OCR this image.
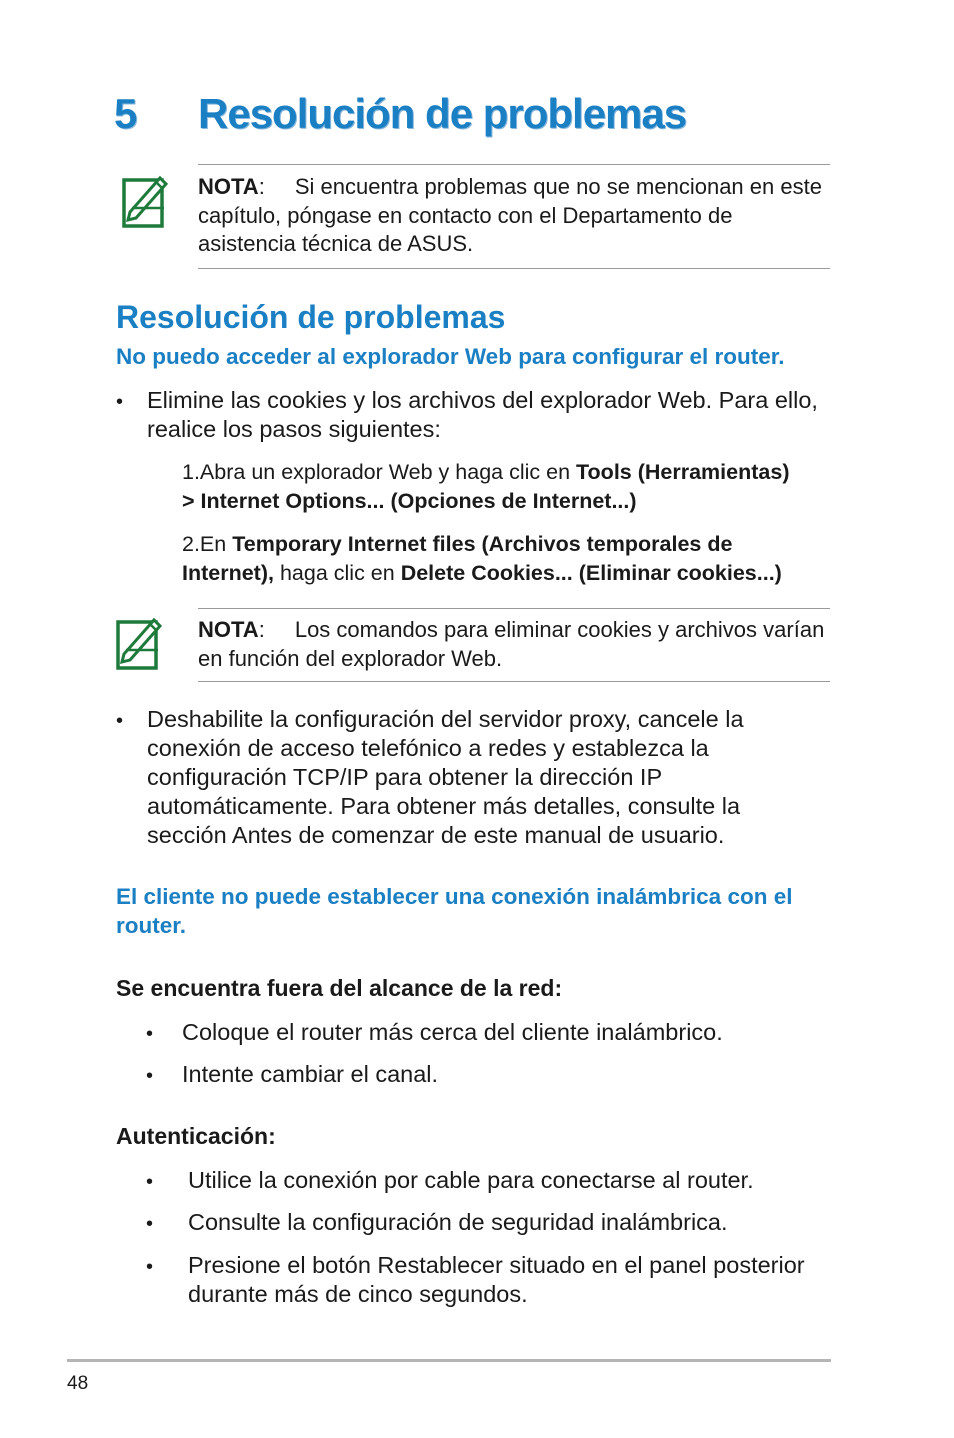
5 Resolución de problemas
NOTA: Si encuentra problemas que no se mencionan en este capítulo, póngase en contacto con el Departamento de asistencia técnica de ASUS.
Resolución de problemas
No puedo acceder al explorador Web para configurar el router.
• Elimine las cookies y los archivos del explorador Web. Para ello, realice los pasos siguientes:
1.Abra un explorador Web y haga clic en Tools (Herramientas)
> Internet Options... (Opciones de Internet...)
2.En Temporary Internet files (Archivos temporales de Internet), haga clic en Delete Cookies... (Eliminar cookies...)
NOTA: Los comandos para eliminar cookies y archivos varían en función del explorador Web.
• Deshabilite la configuración del servidor proxy, cancele la conexión de acceso telefónico a redes y establezca la configuración TCP/IP para obtener la dirección IP automáticamente. Para obtener más detalles, consulte la sección Antes de comenzar de este manual de usuario.
El cliente no puede establecer una conexión inalámbrica con el router.
Se encuentra fuera del alcance de la red:
• Coloque el router más cerca del cliente inalámbrico.
• Intente cambiar el canal.
Autenticación:
• Utilice la conexión por cable para conectarse al router.
• Consulte la configuración de seguridad inalámbrica.
• Presione el botón Restablecer situado en el panel posterior durante más de cinco segundos.
48
